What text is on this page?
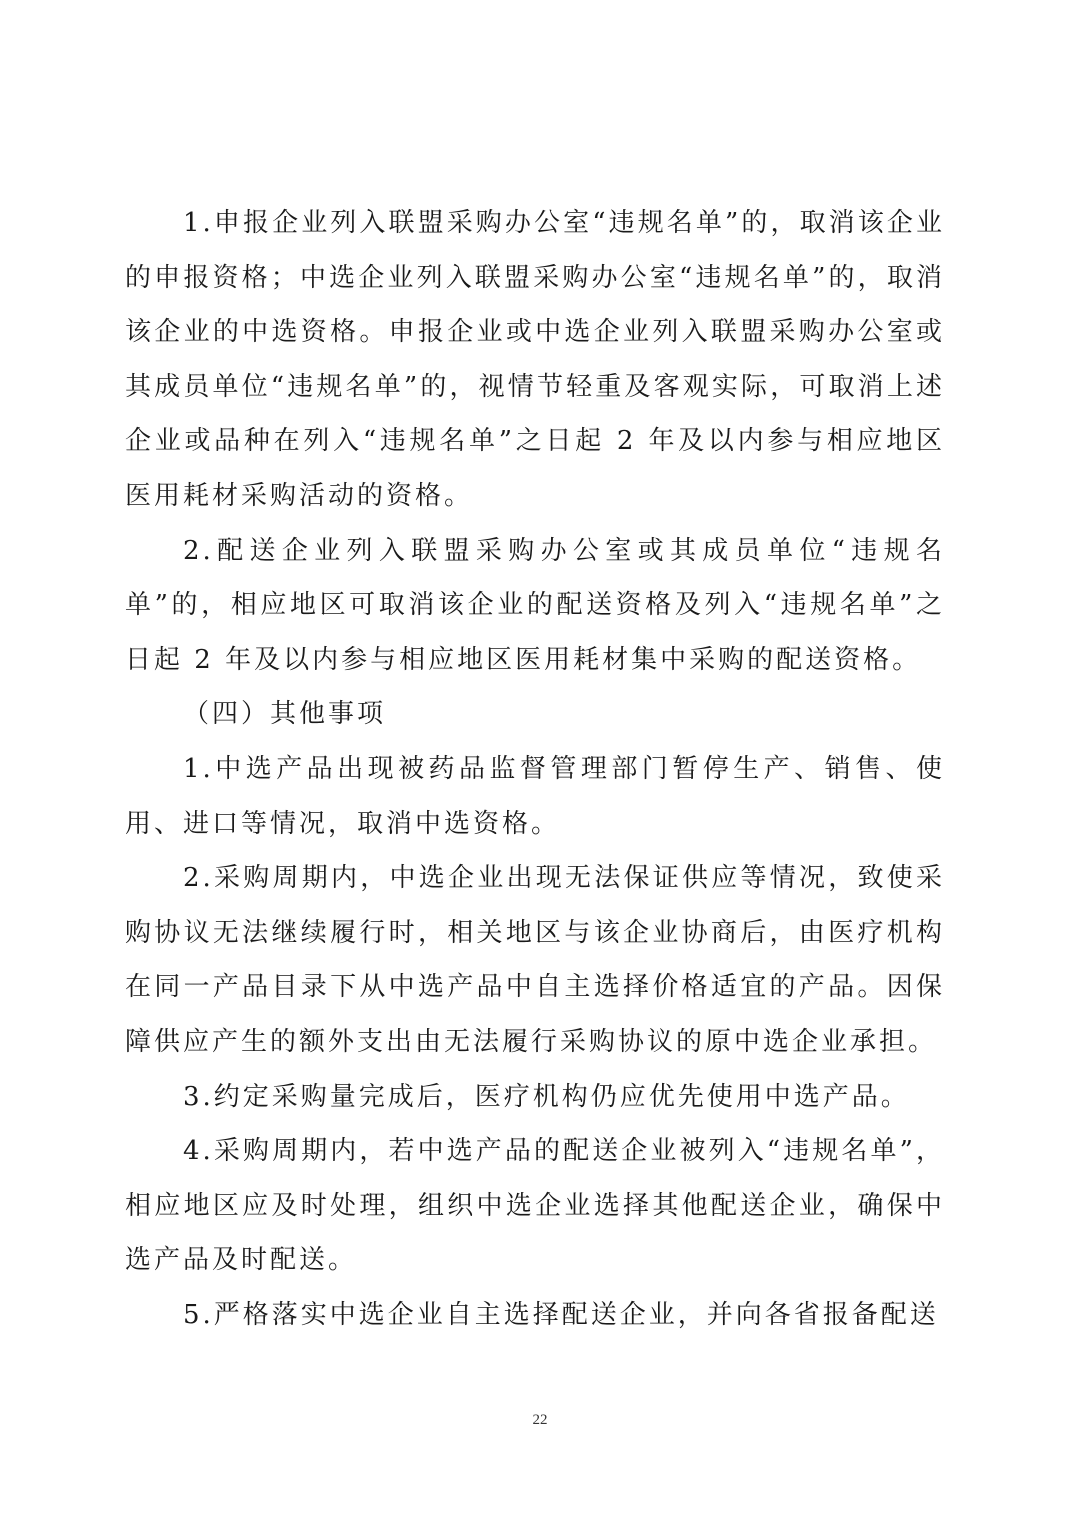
1.申报企业列入联盟采购办公室“违规名单”的，取消该企业的申报资格；中选企业列入联盟采购办公室“违规名单”的，取消该企业的中选资格。申报企业或中选企业列入联盟采购办公室或其成员单位“违规名单”的，视情节轻重及客观实际，可取消上述企业或品种在列入“违规名单”之日起 2 年及以内参与相应地区医用耗材采购活动的资格。

2.配送企业列入联盟采购办公室或其成员单位“违规名单”的，相应地区可取消该企业的配送资格及列入“违规名单”之日起 2 年及以内参与相应地区医用耗材集中采购的配送资格。

（四）其他事项

1.中选产品出现被药品监督管理部门暂停生产、销售、使用、进口等情况，取消中选资格。

2.采购周期内，中选企业出现无法保证供应等情况，致使采购协议无法继续履行时，相关地区与该企业协商后，由医疗机构在同一产品目录下从中选产品中自主选择价格适宜的产品。因保障供应产生的额外支出由无法履行采购协议的原中选企业承担。

3.约定采购量完成后，医疗机构仍应优先使用中选产品。

4.采购周期内，若中选产品的配送企业被列入“违规名单”，相应地区应及时处理，组织中选企业选择其他配送企业，确保中选产品及时配送。

5.严格落实中选企业自主选择配送企业，并向各省报备配送

22
